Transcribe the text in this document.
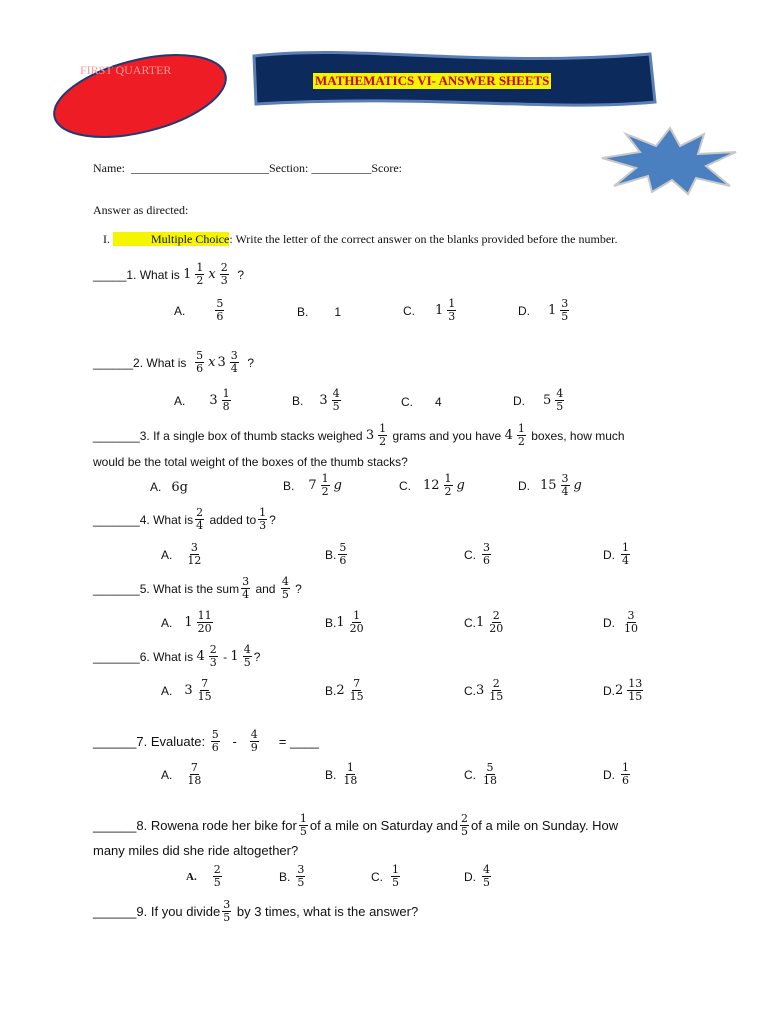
FIRST QUARTER
MATHEMATICS VI- ANSWER SHEETS
Name: _______________________Section: __________Score:
Answer as directed:
I.	Multiple Choice: Write the letter of the correct answer on the blanks provided before the number.
_____1.
What is
$1 \frac{1}{2}$ x $\frac{2}{3}$
?
A.	$\frac{5}{6}$	B. 1	C. $1 \frac{1}{3}$	D. $1 \frac{3}{5}$
______2.
What is
$\frac{5}{6}$ x $3 \frac{3}{4}$
?
A. $3 \frac{1}{8}$	B. $3 \frac{4}{5}$	C. 4	D. $5 \frac{4}{5}$
_______3.
If a single box of thumb stacks weighed
$3 \frac{1}{2}$
grams and you have
$4 \frac{1}{2}$
boxes, how much
would be the total weight of the boxes of the thumb stacks?
A. 6g	B. $7 \frac{1}{2}$ g	C. $12 \frac{1}{2}$ g	D. $15 \frac{3}{4}$ g
_______4.
What is $\frac{2}{4}$
added to $\frac{1}{3}$ ?
A. $\frac{3}{12}$	B. $\frac{5}{6}$	C. $\frac{3}{6}$	D. $\frac{1}{4}$
_______5.
What is the sum $\frac{3}{4}$
and
$\frac{4}{5}$
?
A. $1 \frac{11}{20}$	B. $1 \frac{1}{20}$	C. $1 \frac{2}{20}$	D. $\frac{3}{10}$
_______6.
What is
$4 \frac{2}{3}$
-
$1 \frac{4}{5}$ ?
A. $3 \frac{7}{15}$	B. $2 \frac{7}{15}$	C. $3 \frac{2}{15}$	D. $2 \frac{13}{15}$
______7.
Evaluate:
$\frac{5}{6}$
-
$\frac{4}{9}$
= ____
A. $\frac{7}{18}$	B. $\frac{1}{18}$	C. $\frac{5}{18}$	D. $\frac{1}{6}$
______8.
Rowena rode her bike for $\frac{1}{5}$ of a mile on Saturday and $\frac{2}{5}$ of a mile on Sunday. How
many miles did she ride altogether?
A. $\frac{2}{5}$	B. $\frac{3}{5}$	C. $\frac{1}{5}$	D. $\frac{4}{5}$
______9.
If you divide $\frac{3}{5}$
by 3 times, what is the answer?
